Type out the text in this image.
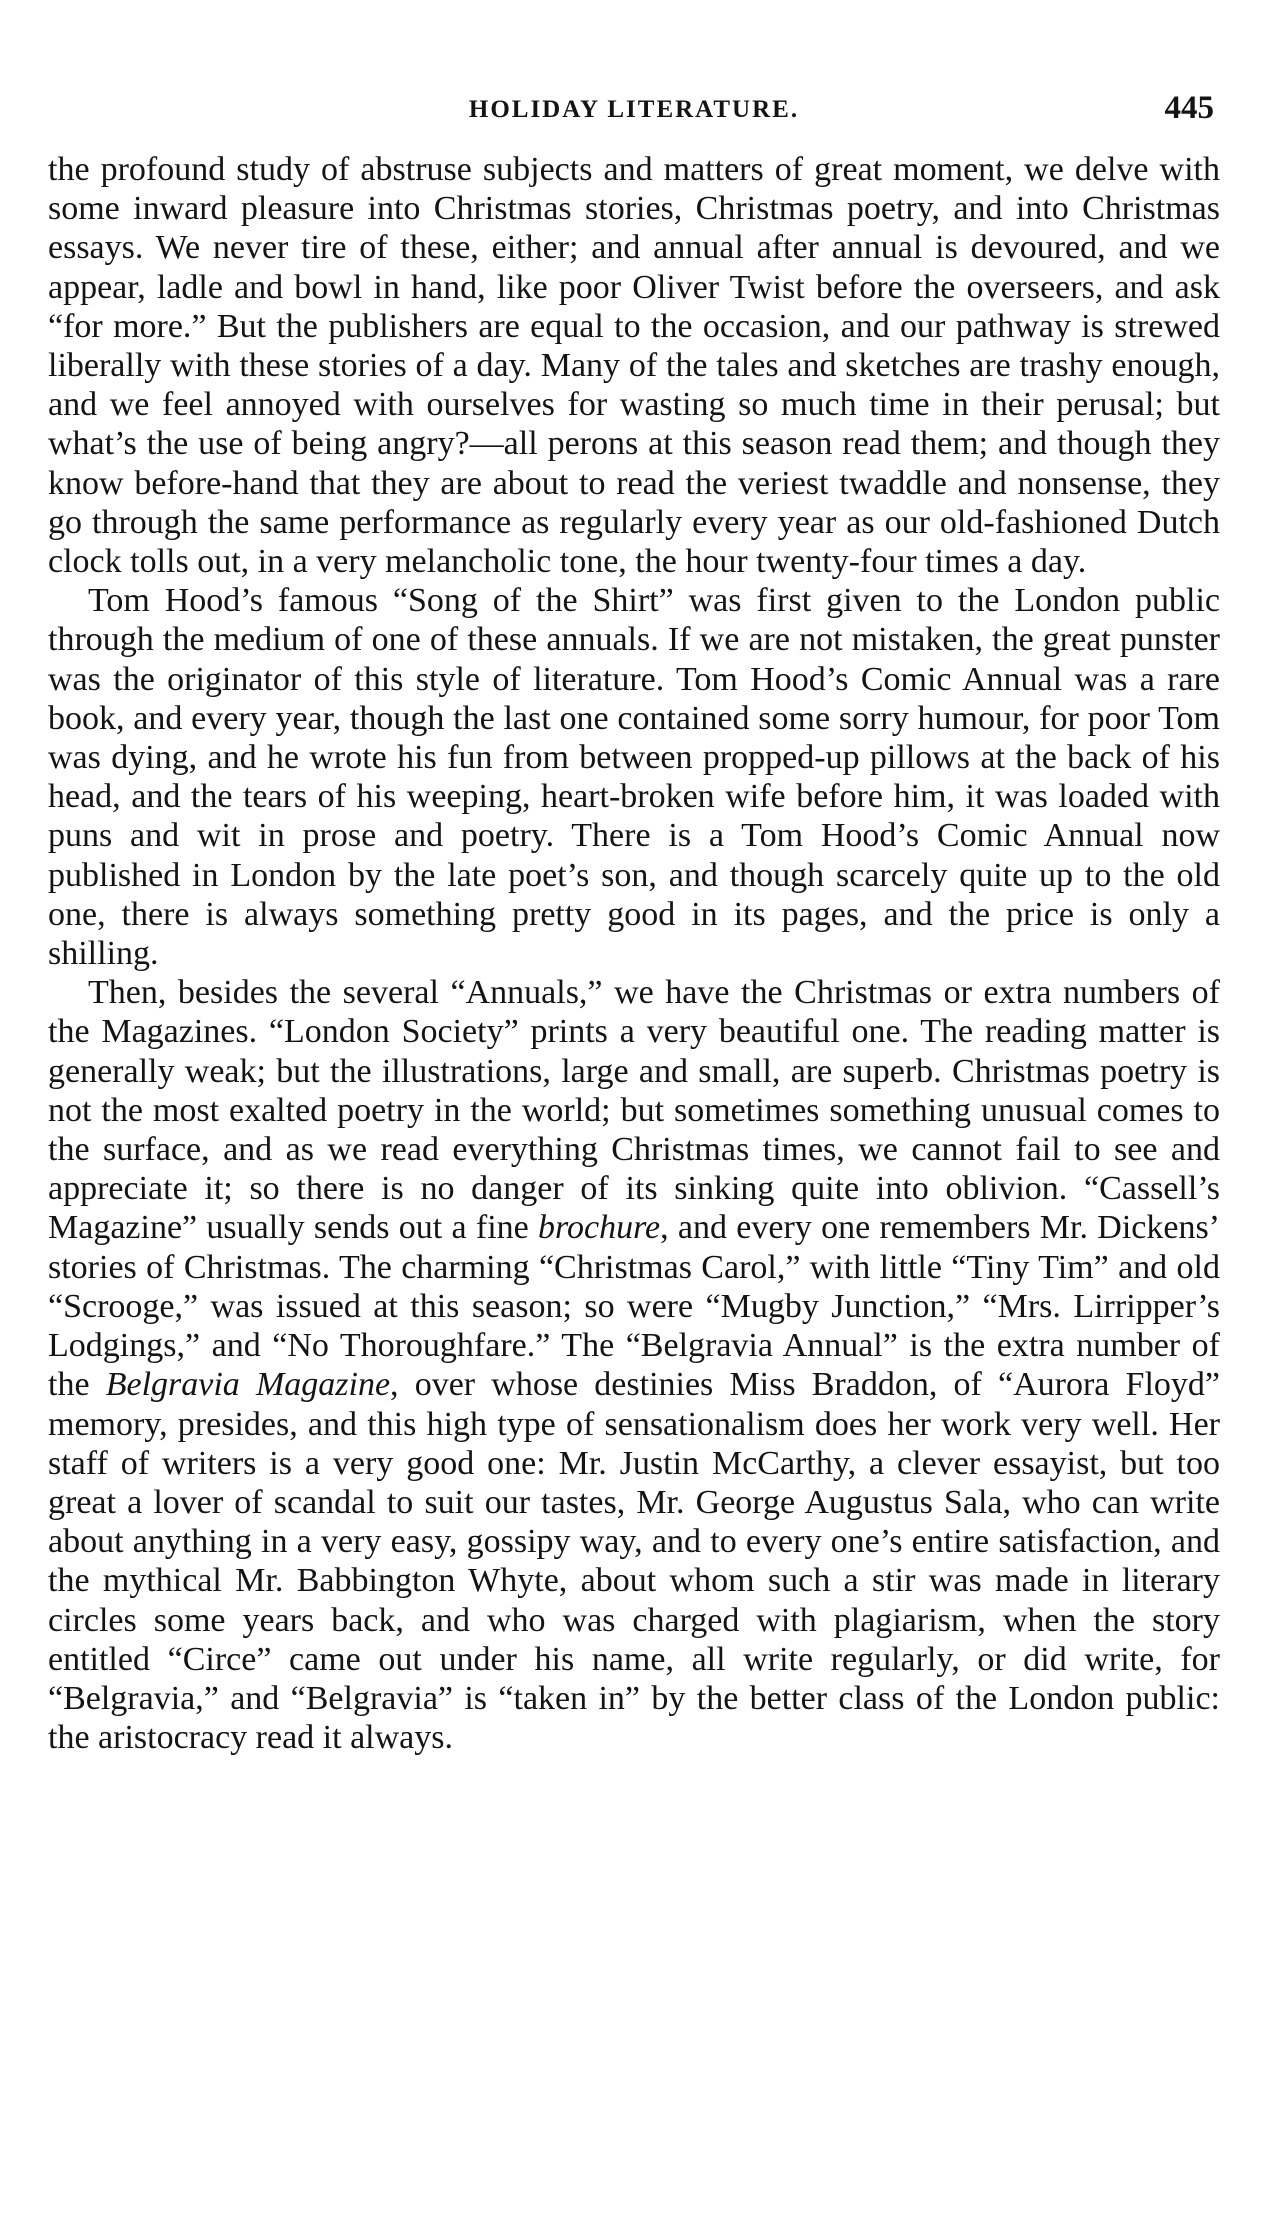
HOLIDAY LITERATURE.	445

the profound study of abstruse subjects and matters of great moment, we delve with some inward pleasure into Christmas stories, Christmas poetry, and into Christmas essays. We never tire of these, either; and annual after annual is devoured, and we appear, ladle and bowl in hand, like poor Oliver Twist before the overseers, and ask “for more.” But the publishers are equal to the occasion, and our pathway is strewed liberally with these stories of a day. Many of the tales and sketches are trashy enough, and we feel annoyed with ourselves for wasting so much time in their perusal; but what’s the use of being angry?—all perons at this season read them; and though they know before-hand that they are about to read the veriest twaddle and nonsense, they go through the same performance as regularly every year as our old-fashioned Dutch clock tolls out, in a very melancholic tone, the hour twenty-four times a day.

Tom Hood’s famous “Song of the Shirt” was first given to the London public through the medium of one of these annuals. If we are not mistaken, the great punster was the originator of this style of literature. Tom Hood’s Comic Annual was a rare book, and every year, though the last one contained some sorry humour, for poor Tom was dying, and he wrote his fun from between propped-up pillows at the back of his head, and the tears of his weeping, heart-broken wife before him, it was loaded with puns and wit in prose and poetry. There is a Tom Hood’s Comic Annual now published in London by the late poet’s son, and though scarcely quite up to the old one, there is always something pretty good in its pages, and the price is only a shilling.

Then, besides the several “Annuals,” we have the Christmas or extra numbers of the Magazines. “London Society” prints a very beautiful one. The reading matter is generally weak; but the illustrations, large and small, are superb. Christmas poetry is not the most exalted poetry in the world; but sometimes something unusual comes to the surface, and as we read everything Christmas times, we cannot fail to see and appreciate it; so there is no danger of its sinking quite into oblivion. “Cassell’s Magazine” usually sends out a fine brochure, and every one remembers Mr. Dickens’ stories of Christmas. The charming “Christmas Carol,” with little “Tiny Tim” and old “Scrooge,” was issued at this season; so were “Mugby Junction,” “Mrs. Lirripper’s Lodgings,” and “No Thoroughfare.” The “Belgravia Annual” is the extra number of the Belgravia Magazine, over whose destinies Miss Braddon, of “Aurora Floyd” memory, presides, and this high type of sensationalism does her work very well. Her staff of writers is a very good one: Mr. Justin McCarthy, a clever essayist, but too great a lover of scandal to suit our tastes, Mr. George Augustus Sala, who can write about anything in a very easy, gossipy way, and to every one’s entire satisfaction, and the mythical Mr. Babbington Whyte, about whom such a stir was made in literary circles some years back, and who was charged with plagiarism, when the story entitled “Circe” came out under his name, all write regularly, or did write, for “Belgravia,” and “Belgravia” is “taken in” by the better class of the London public: the aristocracy read it always.
